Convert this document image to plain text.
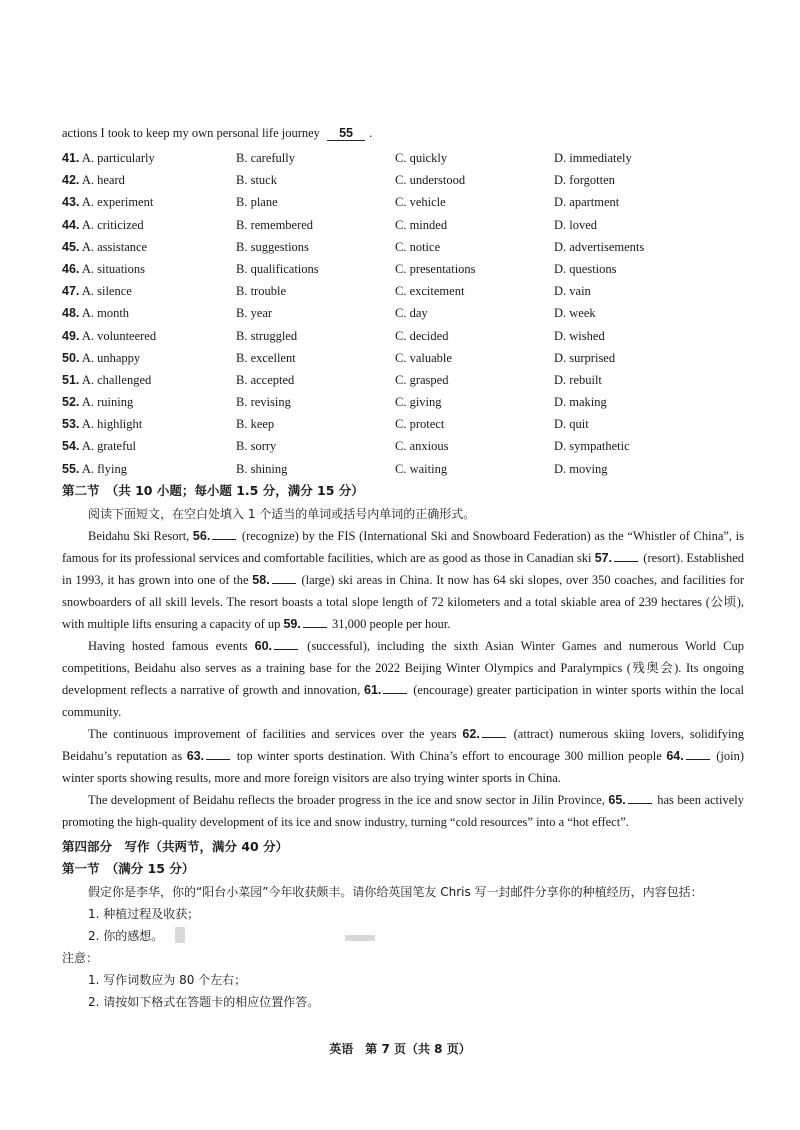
actions I took to keep my own personal life journey 55 .
41. A. particularly	B. carefully	C. quickly	D. immediately
42. A. heard	B. stuck	C. understood	D. forgotten
43. A. experiment	B. plane	C. vehicle	D. apartment
44. A. criticized	B. remembered	C. minded	D. loved
45. A. assistance	B. suggestions	C. notice	D. advertisements
46. A. situations	B. qualifications	C. presentations	D. questions
47. A. silence	B. trouble	C. excitement	D. vain
48. A. month	B. year	C. day	D. week
49. A. volunteered	B. struggled	C. decided	D. wished
50. A. unhappy	B. excellent	C. valuable	D. surprised
51. A. challenged	B. accepted	C. grasped	D. rebuilt
52. A. ruining	B. revising	C. giving	D. making
53. A. highlight	B. keep	C. protect	D. quit
54. A. grateful	B. sorry	C. anxious	D. sympathetic
55. A. flying	B. shining	C. waiting	D. moving
第二节　（共 10 小题；每小题 1.5 分，满分 15 分）
阅读下面短文，在空白处填入 1 个适当的单词或括号内单词的正确形式。
Beidahu Ski Resort, 56.	(recognize) by the FIS (International Ski and Snowboard Federation) as the “Whistler of China”, is famous for its professional services and comfortable facilities, which are as good as those in Canadian ski 57. (resort). Established in 1993, it has grown into one of the 58.	(large) ski areas in China. It now has 64 ski slopes, over 350 coaches, and facilities for snowboarders of all skill levels. The resort boasts a total slope length of 72 kilometers and a total skiable area of 239 hectares (公顷), with multiple lifts ensuring a capacity of up 59. 31,000 people per hour.
Having hosted famous events 60.	(successful), including the sixth Asian Winter Games and numerous World Cup competitions, Beidahu also serves as a training base for the 2022 Beijing Winter Olympics and Paralympics (残奥会). Its ongoing development reflects a narrative of growth and innovation, 61.	(encourage) greater participation in winter sports within the local community.
The continuous improvement of facilities and services over the years 62.	(attract) numerous skiing lovers, solidifying Beidahu’s reputation as 63.	top winter sports destination. With China’s effort to encourage 300 million people 64.	(join) winter sports showing results, more and more foreign visitors are also trying winter sports in China.
The development of Beidahu reflects the broader progress in the ice and snow sector in Jilin Province, 65.	has been actively promoting the high-quality development of its ice and snow industry, turning “cold resources” into a “hot effect”.
第四部分　写作（共两节，满分 40 分）
第一节　（满分 15 分）
假定你是李华，你的“阳台小菜园”今年收获颇丰。请你给英国笔友 Chris 写一封邮件分享你的种植经历，内容包括：
1. 种植过程及收获；
2. 你的感想。
注意：
1. 写作词数应为 80 个左右；
2. 请按如下格式在答题卡的相应位置作答。
英语　第 7 页（共 8 页）
